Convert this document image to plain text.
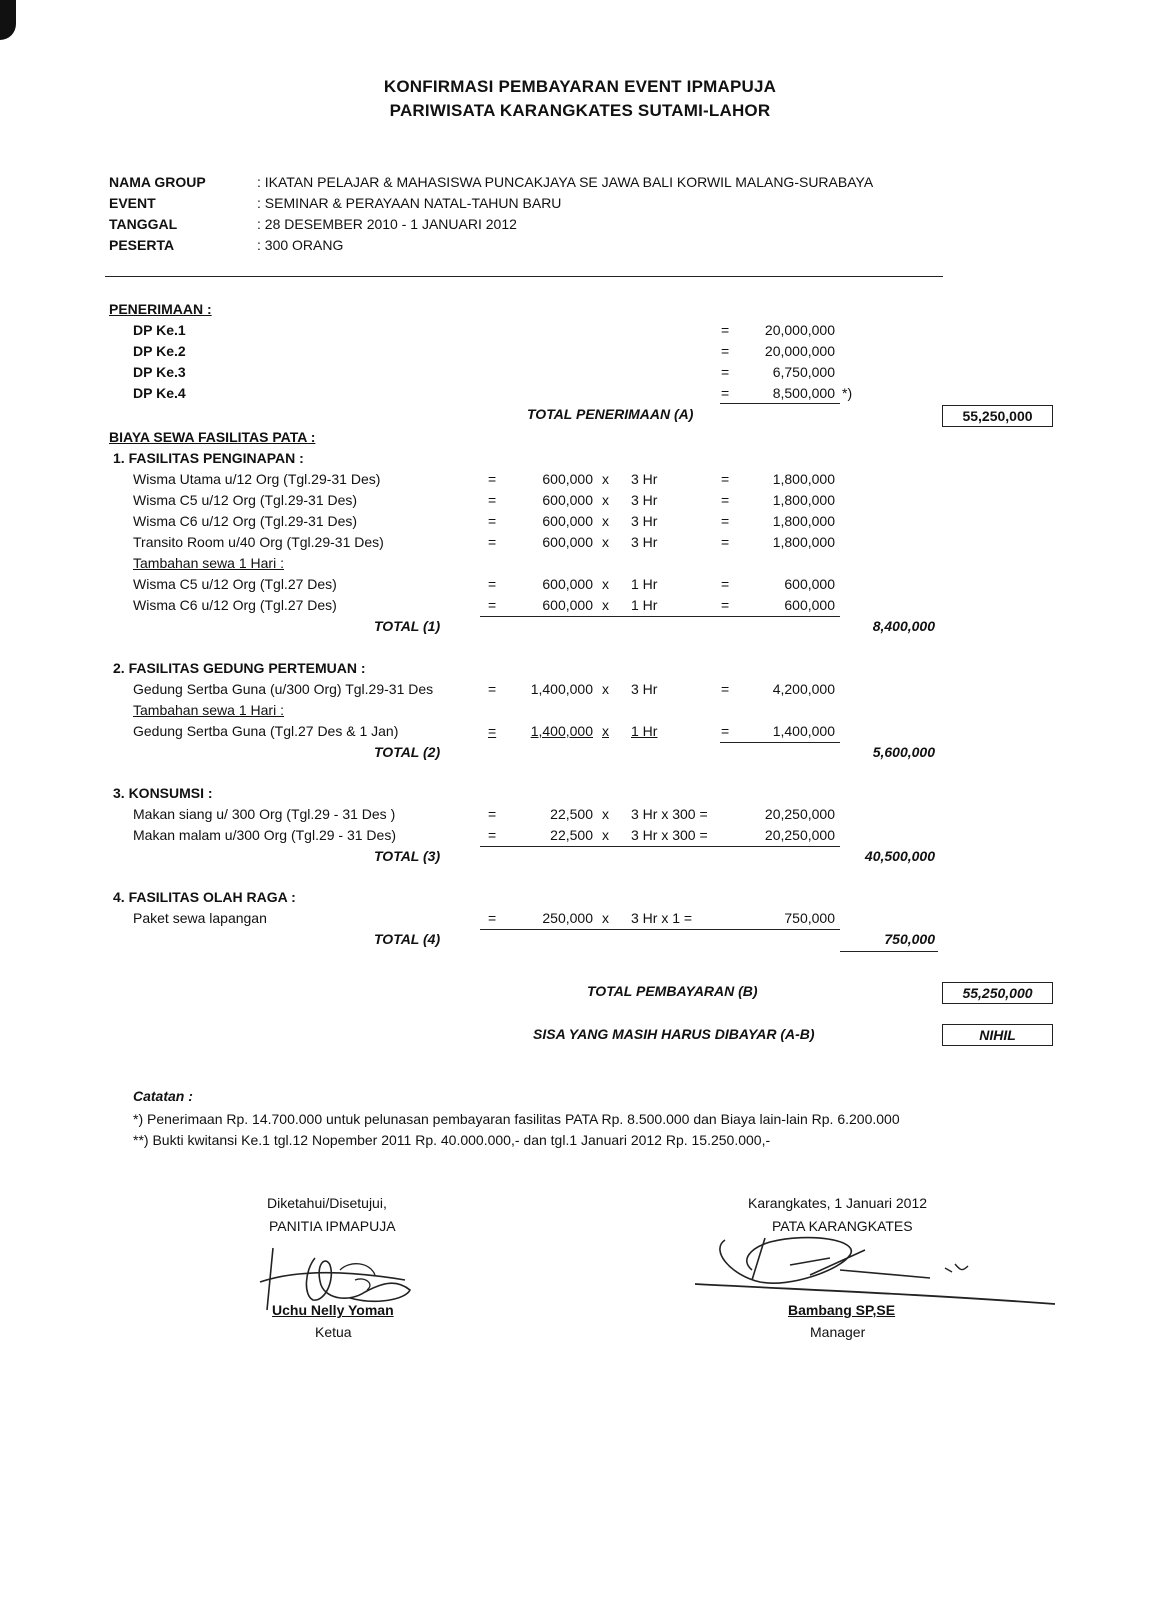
KONFIRMASI PEMBAYARAN EVENT IPMAPUJA
PARIWISATA KARANGKATES SUTAMI-LAHOR
NAMA GROUP	: IKATAN PELAJAR & MAHASISWA PUNCAKJAYA SE JAWA BALI KORWIL MALANG-SURABAYA
EVENT	: SEMINAR & PERAYAAN NATAL-TAHUN BARU
TANGGAL	: 28 DESEMBER 2010 - 1 JANUARI 2012
PESERTA	: 300 ORANG
PENERIMAAN :
DP Ke.1	=	20,000,000
DP Ke.2	=	20,000,000
DP Ke.3	=	6,750,000
DP Ke.4	=	8,500,000 *)
TOTAL PENERIMAAN (A)	55,250,000
BIAYA SEWA FASILITAS PATA :
1. FASILITAS PENGINAPAN :
Wisma Utama u/12 Org (Tgl.29-31 Des)	=	600,000 x 3 Hr	=	1,800,000
Wisma C5 u/12 Org (Tgl.29-31 Des)	=	600,000 x 3 Hr	=	1,800,000
Wisma C6 u/12 Org (Tgl.29-31 Des)	=	600,000 x 3 Hr	=	1,800,000
Transito Room u/40 Org (Tgl.29-31 Des)	=	600,000 x 3 Hr	=	1,800,000
Tambahan sewa 1 Hari :
Wisma C5 u/12 Org (Tgl.27 Des)	=	600,000 x 1 Hr	=	600,000
Wisma C6 u/12 Org (Tgl.27 Des)	=	600,000 x 1 Hr	=	600,000
TOTAL (1)	8,400,000
2. FASILITAS GEDUNG PERTEMUAN :
Gedung Sertba Guna (u/300 Org) Tgl.29-31 Des	=	1,400,000 x 3 Hr	=	4,200,000
Tambahan sewa 1 Hari :
Gedung Sertba Guna (Tgl.27 Des & 1 Jan)	=	1,400,000 x 1 Hr	=	1,400,000
TOTAL (2)	5,600,000
3. KONSUMSI :
Makan siang u/ 300 Org (Tgl.29 - 31 Des )	=	22,500 x 3 Hr x 300 =	20,250,000
Makan malam u/300 Org (Tgl.29 - 31 Des)	=	22,500 x 3 Hr x 300 =	20,250,000
TOTAL (3)	40,500,000
4. FASILITAS OLAH RAGA :
Paket sewa lapangan	=	250,000 x 3 Hr x 1 =	750,000
TOTAL (4)	750,000
TOTAL PEMBAYARAN (B)	55,250,000
SISA YANG MASIH HARUS DIBAYAR (A-B)	NIHIL
Catatan :
*) Penerimaan Rp. 14.700.000 untuk pelunasan pembayaran fasilitas PATA Rp. 8.500.000 dan Biaya lain-lain Rp. 6.200.000
**) Bukti kwitansi Ke.1 tgl.12 Nopember 2011 Rp. 40.000.000,- dan tgl.1 Januari 2012 Rp. 15.250.000,-
Diketahui/Disetujui,
PANITIA IPMAPUJA
Uchu Nelly Yoman
Ketua
Karangkates, 1 Januari 2012
PATA KARANGKATES
Bambang SP,SE
Manager
